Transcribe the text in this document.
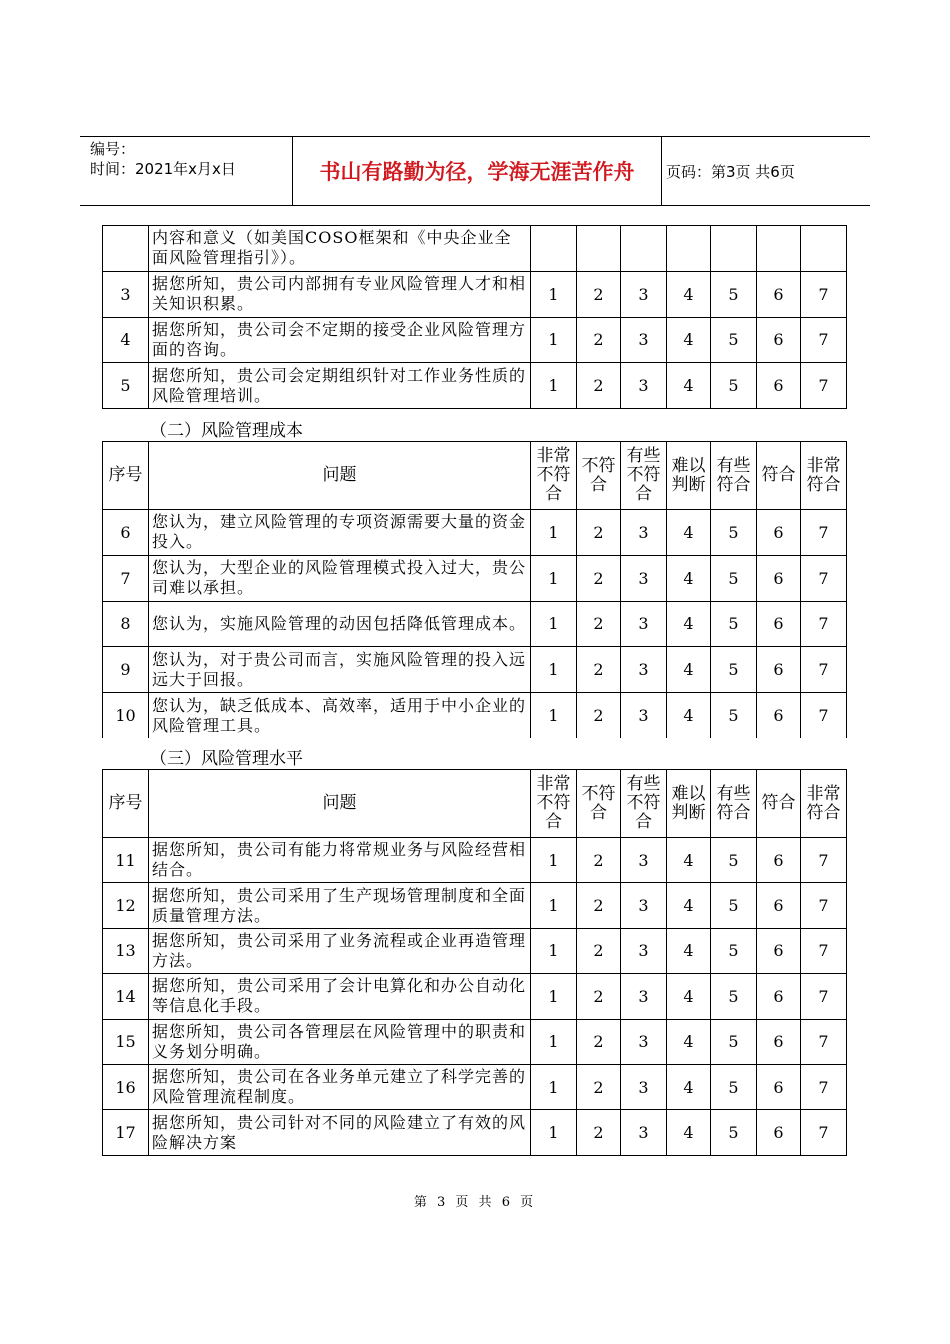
编号：
时间：2021年x月x日	书山有路勤为径，学海无涯苦作舟	页码：第3页 共6页
	内容和意义（如美国COSO框架和《中央企业全面风险管理指引》）。							
3	据您所知，贵公司内部拥有专业风险管理人才和相关知识积累。	1	2	3	4	5	6	7
4	据您所知，贵公司会不定期的接受企业风险管理方面的咨询。	1	2	3	4	5	6	7
5	据您所知，贵公司会定期组织针对工作业务性质的风险管理培训。	1	2	3	4	5	6	7
（二）风险管理成本
序号	问题	非常不符合	不符合	有些不符合	难以判断	有些符合	符合	非常符合
6	您认为，建立风险管理的专项资源需要大量的资金投入。	1	2	3	4	5	6	7
7	您认为，大型企业的风险管理模式投入过大，贵公司难以承担。	1	2	3	4	5	6	7
8	您认为，实施风险管理的动因包括降低管理成本。	1	2	3	4	5	6	7
9	您认为，对于贵公司而言，实施风险管理的投入远远大于回报。	1	2	3	4	5	6	7
10	您认为，缺乏低成本、高效率，适用于中小企业的风险管理工具。	1	2	3	4	5	6	7
（三）风险管理水平
序号	问题	非常不符合	不符合	有些不符合	难以判断	有些符合	符合	非常符合
11	据您所知，贵公司有能力将常规业务与风险经营相结合。	1	2	3	4	5	6	7
12	据您所知，贵公司采用了生产现场管理制度和全面质量管理方法。	1	2	3	4	5	6	7
13	据您所知，贵公司采用了业务流程或企业再造管理方法。	1	2	3	4	5	6	7
14	据您所知，贵公司采用了会计电算化和办公自动化等信息化手段。	1	2	3	4	5	6	7
15	据您所知，贵公司各管理层在风险管理中的职责和义务划分明确。	1	2	3	4	5	6	7
16	据您所知，贵公司在各业务单元建立了科学完善的风险管理流程制度。	1	2	3	4	5	6	7
17	据您所知，贵公司针对不同的风险建立了有效的风险解决方案	1	2	3	4	5	6	7
第 3 页 共 6 页
